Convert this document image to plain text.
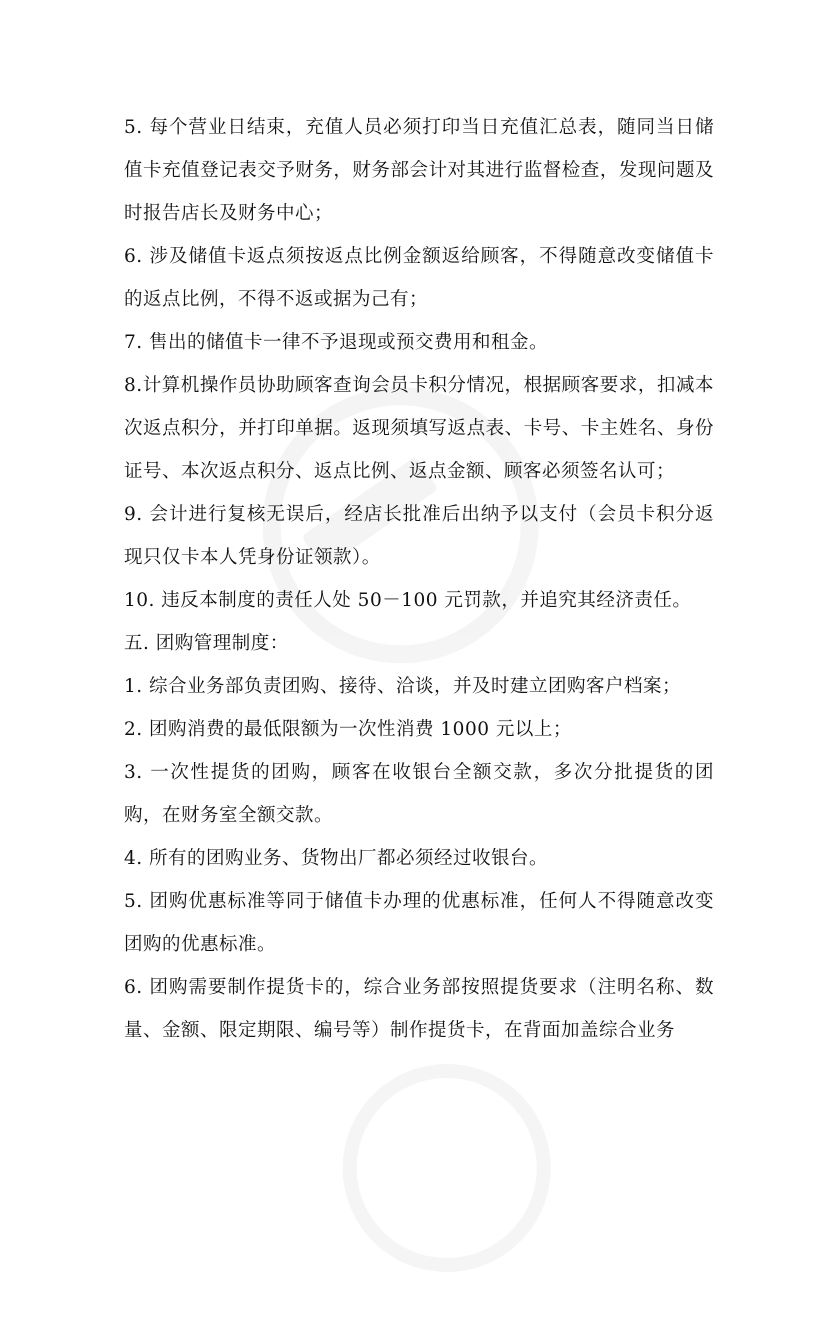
5. 每个营业日结束，充值人员必须打印当日充值汇总表，随同当日储值卡充值登记表交予财务，财务部会计对其进行监督检查，发现问题及时报告店长及财务中心；

6. 涉及储值卡返点须按返点比例金额返给顾客，不得随意改变储值卡的返点比例，不得不返或据为己有；

7. 售出的储值卡一律不予退现或预交费用和租金。

8.计算机操作员协助顾客查询会员卡积分情况，根据顾客要求，扣减本次返点积分，并打印单据。返现须填写返点表、卡号、卡主姓名、身份证号、本次返点积分、返点比例、返点金额、顾客必须签名认可；

9. 会计进行复核无误后，经店长批准后出纳予以支付（会员卡积分返现只仅卡本人凭身份证领款）。

10. 违反本制度的责任人处 50－100 元罚款，并追究其经济责任。

五. 团购管理制度：

1. 综合业务部负责团购、接待、洽谈，并及时建立团购客户档案；

2. 团购消费的最低限额为一次性消费 1000 元以上；

3. 一次性提货的团购，顾客在收银台全额交款，多次分批提货的团购，在财务室全额交款。

4. 所有的团购业务、货物出厂都必须经过收银台。

5. 团购优惠标准等同于储值卡办理的优惠标准，任何人不得随意改变团购的优惠标准。

6. 团购需要制作提货卡的，综合业务部按照提货要求（注明名称、数量、金额、限定期限、编号等）制作提货卡，在背面加盖综合业务
